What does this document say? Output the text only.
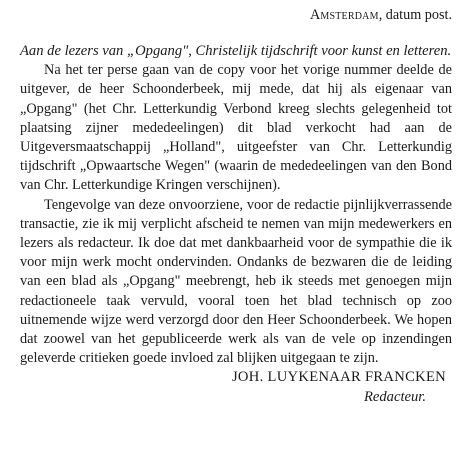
Amsterdam, datum post.

Aan de lezers van „Opgang", Christelijk tijdschrift voor kunst en letteren.

Na het ter perse gaan van de copy voor het vorige nummer deelde de uitgever, de heer Schoonderbeek, mij mede, dat hij als eigenaar van „Opgang" (het Chr. Letterkundig Verbond kreeg slechts gelegenheid tot plaatsing zijner mededeelingen) dit blad verkocht had aan de Uitgeversmaatschappij „Holland", uitgeefster van Chr. Letterkundig tijdschrift „Opwaartsche Wegen" (waarin de mededeelingen van den Bond van Chr. Letterkundige Kringen verschijnen).

Tengevolge van deze onvoorziene, voor de redactie pijnlijkverrassende transactie, zie ik mij verplicht afscheid te nemen van mijn medewerkers en lezers als redacteur. Ik doe dat met dankbaarheid voor de sympathie die ik voor mijn werk mocht ondervinden. Ondanks de bezwaren die de leiding van een blad als „Opgang" meebrengt, heb ik steeds met genoegen mijn redactioneele taak vervuld, vooral toen het blad technisch op zoo uitnemende wijze werd verzorgd door den Heer Schoonderbeek. We hopen dat zoowel van het gepubliceerde werk als van de vele op inzendingen geleverde critieken goede invloed zal blijken uitgegaan te zijn.

JOH. LUYKENAAR FRANCKEN

Redacteur.
